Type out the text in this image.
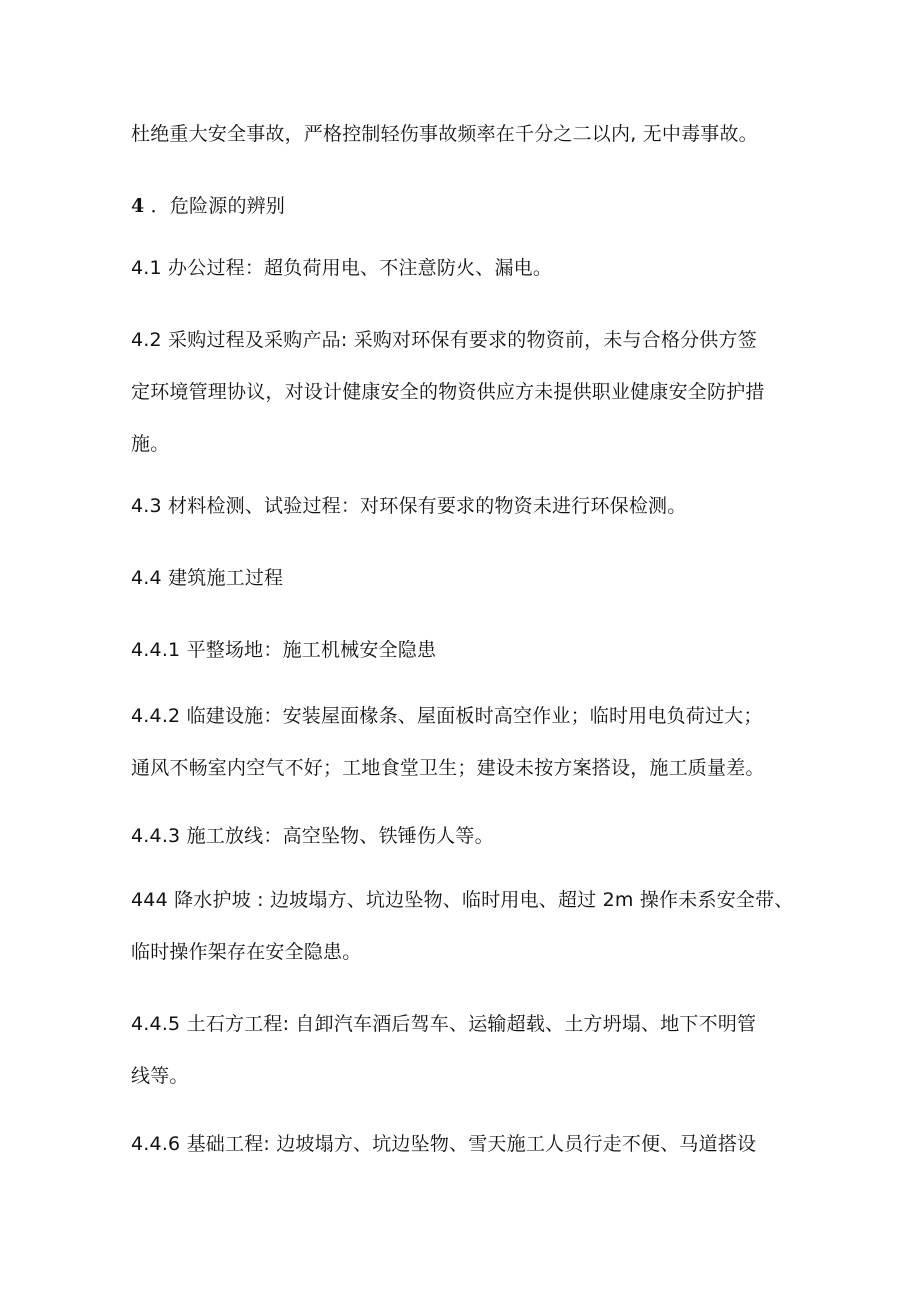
杜绝重大安全事故，严格控制轻伤事故频率在千分之二以内, 无中毒事故。

4 ．危险源的辨别

4.1 办公过程：超负荷用电、不注意防火、漏电。

4.2 采购过程及采购产品: 采购对环保有要求的物资前，未与合格分供方签
定环境管理协议，对设计健康安全的物资供应方未提供职业健康安全防护措
施。

4.3 材料检测、试验过程：对环保有要求的物资未进行环保检测。

4.4 建筑施工过程

4.4.1 平整场地：施工机械安全隐患

4.4.2 临建设施：安装屋面椽条、屋面板时高空作业；临时用电负荷过大；
通风不畅室内空气不好；工地食堂卫生；建设未按方案搭设，施工质量差。

4.4.3 施工放线：高空坠物、铁锤伤人等。

444 降水护坡 : 边坡塌方、坑边坠物、临时用电、超过 2m 操作未系安全带、
临时操作架存在安全隐患。

4.4.5 土石方工程: 自卸汽车酒后驾车、运输超载、土方坍塌、地下不明管
线等。

4.4.6 基础工程: 边坡塌方、坑边坠物、雪天施工人员行走不便、马道搭设
